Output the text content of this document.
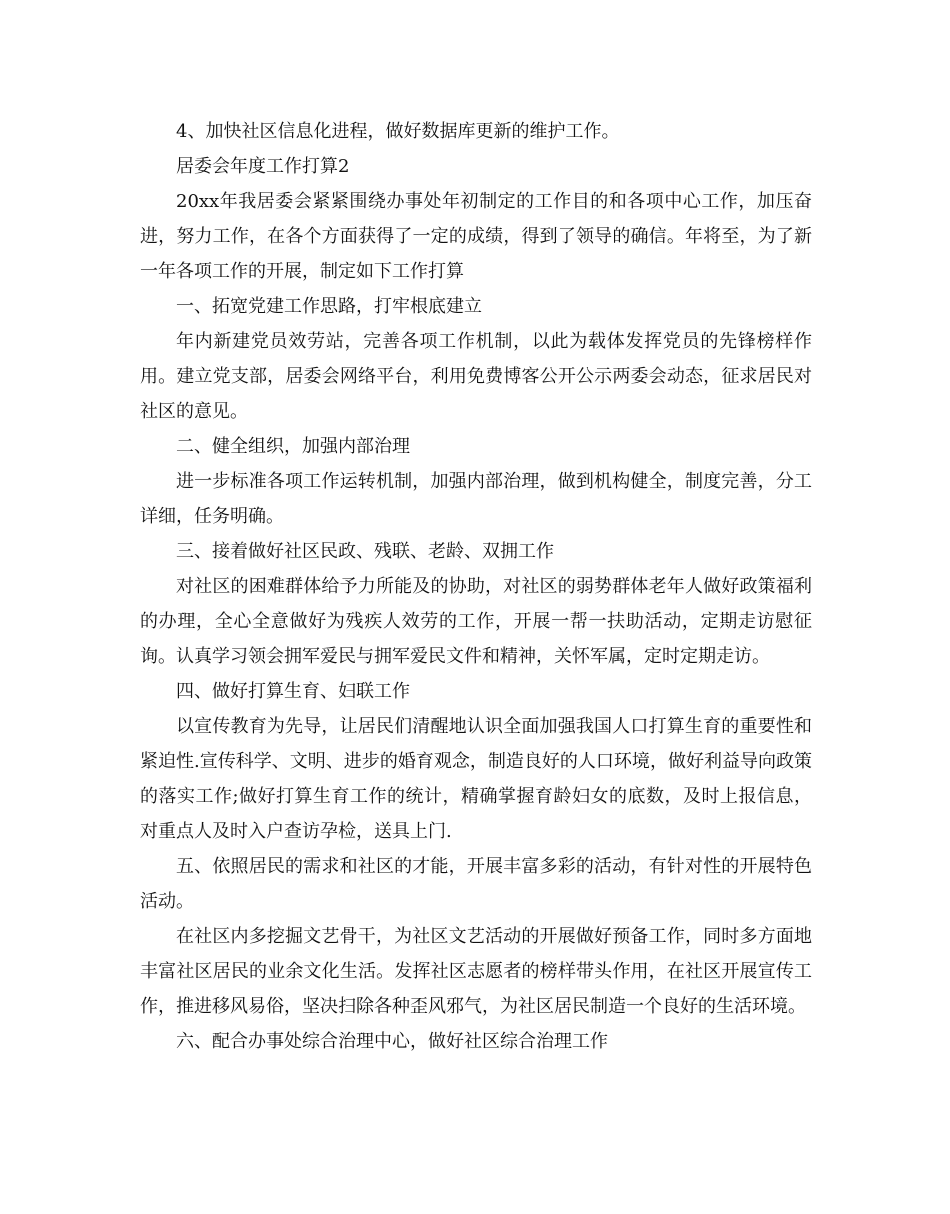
4、加快社区信息化进程，做好数据库更新的维护工作。

居委会年度工作打算2

20xx年我居委会紧紧围绕办事处年初制定的工作目的和各项中心工作，加压奋进，努力工作，在各个方面获得了一定的成绩，得到了领导的确信。年将至，为了新一年各项工作的开展，制定如下工作打算

一、拓宽党建工作思路，打牢根底建立

年内新建党员效劳站，完善各项工作机制，以此为载体发挥党员的先锋榜样作用。建立党支部，居委会网络平台，利用免费博客公开公示两委会动态，征求居民对社区的意见。

二、健全组织，加强内部治理

进一步标准各项工作运转机制，加强内部治理，做到机构健全，制度完善，分工详细，任务明确。

三、接着做好社区民政、残联、老龄、双拥工作

对社区的困难群体给予力所能及的协助，对社区的弱势群体老年人做好政策福利的办理，全心全意做好为残疾人效劳的工作，开展一帮一扶助活动，定期走访慰征询。认真学习领会拥军爱民与拥军爱民文件和精神，关怀军属，定时定期走访。

四、做好打算生育、妇联工作

以宣传教育为先导，让居民们清醒地认识全面加强我国人口打算生育的重要性和紧迫性.宣传科学、文明、进步的婚育观念，制造良好的人口环境，做好利益导向政策的落实工作;做好打算生育工作的统计，精确掌握育龄妇女的底数，及时上报信息，对重点人及时入户查访孕检，送具上门.

五、依照居民的需求和社区的才能，开展丰富多彩的活动，有针对性的开展特色活动。

在社区内多挖掘文艺骨干，为社区文艺活动的开展做好预备工作，同时多方面地丰富社区居民的业余文化生活。发挥社区志愿者的榜样带头作用，在社区开展宣传工作，推进移风易俗，坚决扫除各种歪风邪气，为社区居民制造一个良好的生活环境。

六、配合办事处综合治理中心，做好社区综合治理工作
